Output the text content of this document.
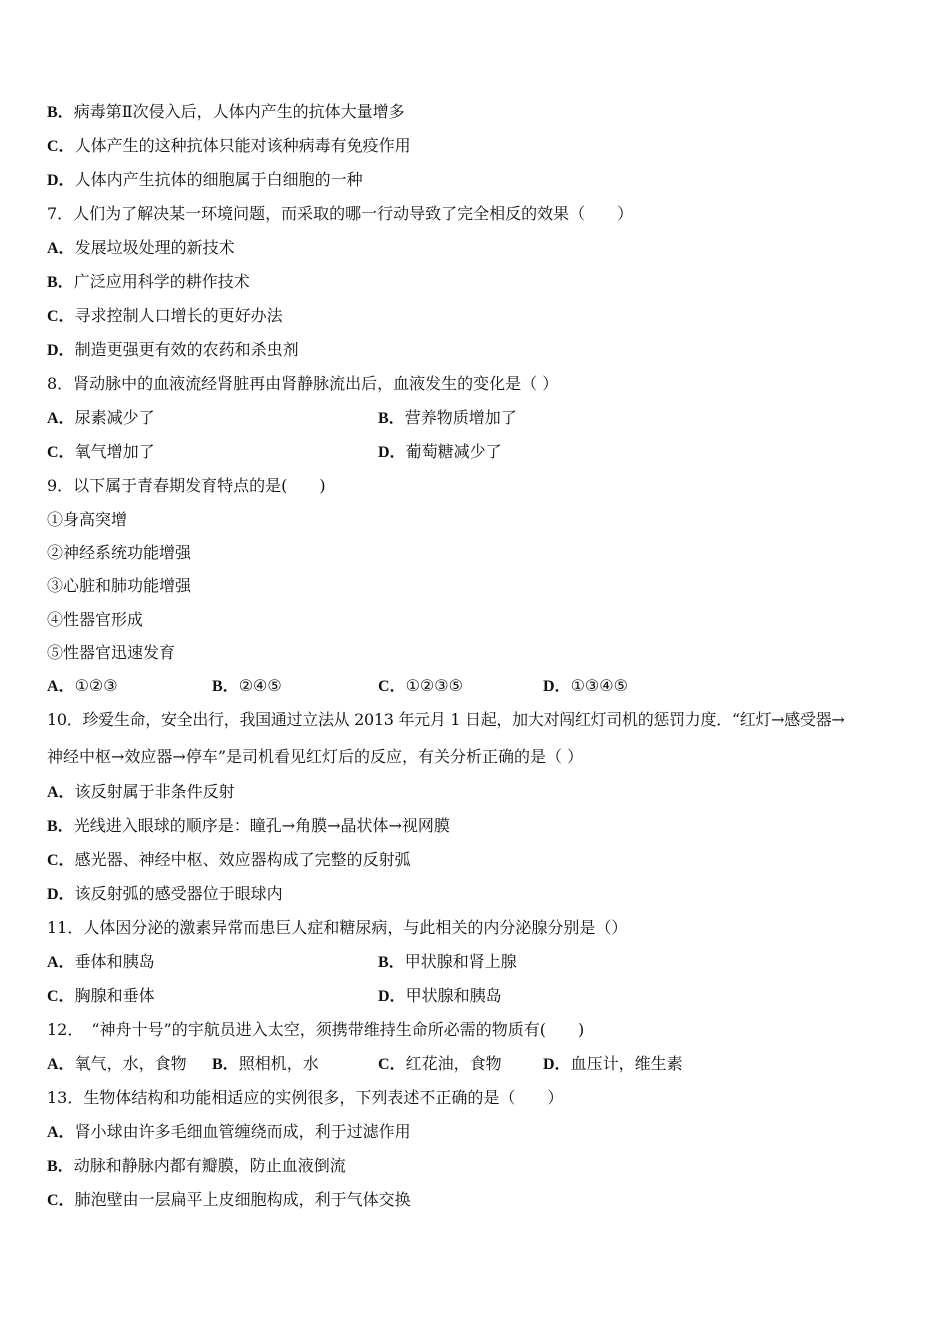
B．病毒第Ⅱ次侵入后，人体内产生的抗体大量增多
C．人体产生的这种抗体只能对该种病毒有免疫作用
D．人体内产生抗体的细胞属于白细胞的一种
7．人们为了解决某一环境问题，而采取的哪一行动导致了完全相反的效果（　　）
A．发展垃圾处理的新技术
B．广泛应用科学的耕作技术
C．寻求控制人口增长的更好办法
D．制造更强更有效的农药和杀虫剂
8．肾动脉中的血液流经肾脏再由肾静脉流出后，血液发生的变化是（ ）
A．尿素减少了	B．营养物质增加了
C．氧气增加了	D．葡萄糖减少了
9．以下属于青春期发育特点的是(　　)
①身高突增
②神经系统功能增强
③心脏和肺功能增强
④性器官形成
⑤性器官迅速发育
A．①②③	B．②④⑤	C．①②③⑤	D．①③④⑤
10．珍爱生命，安全出行，我国通过立法从 2013 年元月 1 日起，加大对闯红灯司机的惩罚力度．“红灯→感受器→
神经中枢→效应器→停车”是司机看见红灯后的反应，有关分析正确的是（ ）
A．该反射属于非条件反射
B．光线进入眼球的顺序是：瞳孔→角膜→晶状体→视网膜
C．感光器、神经中枢、效应器构成了完整的反射弧
D．该反射弧的感受器位于眼球内
11．人体因分泌的激素异常而患巨人症和糖尿病，与此相关的内分泌腺分别是（）
A．垂体和胰岛	B．甲状腺和肾上腺
C．胸腺和垂体	D．甲状腺和胰岛
12．　“神舟十号”的宇航员进入太空，须携带维持生命所必需的物质有(　　)
A．氧气，水，食物 B．照相机，水	C．红花油，食物	D．血压计，维生素
13．生物体结构和功能相适应的实例很多，下列表述不正确的是（　　）
A．肾小球由许多毛细血管缠绕而成，利于过滤作用
B．动脉和静脉内都有瓣膜，防止血液倒流
C．肺泡壁由一层扁平上皮细胞构成，利于气体交换
